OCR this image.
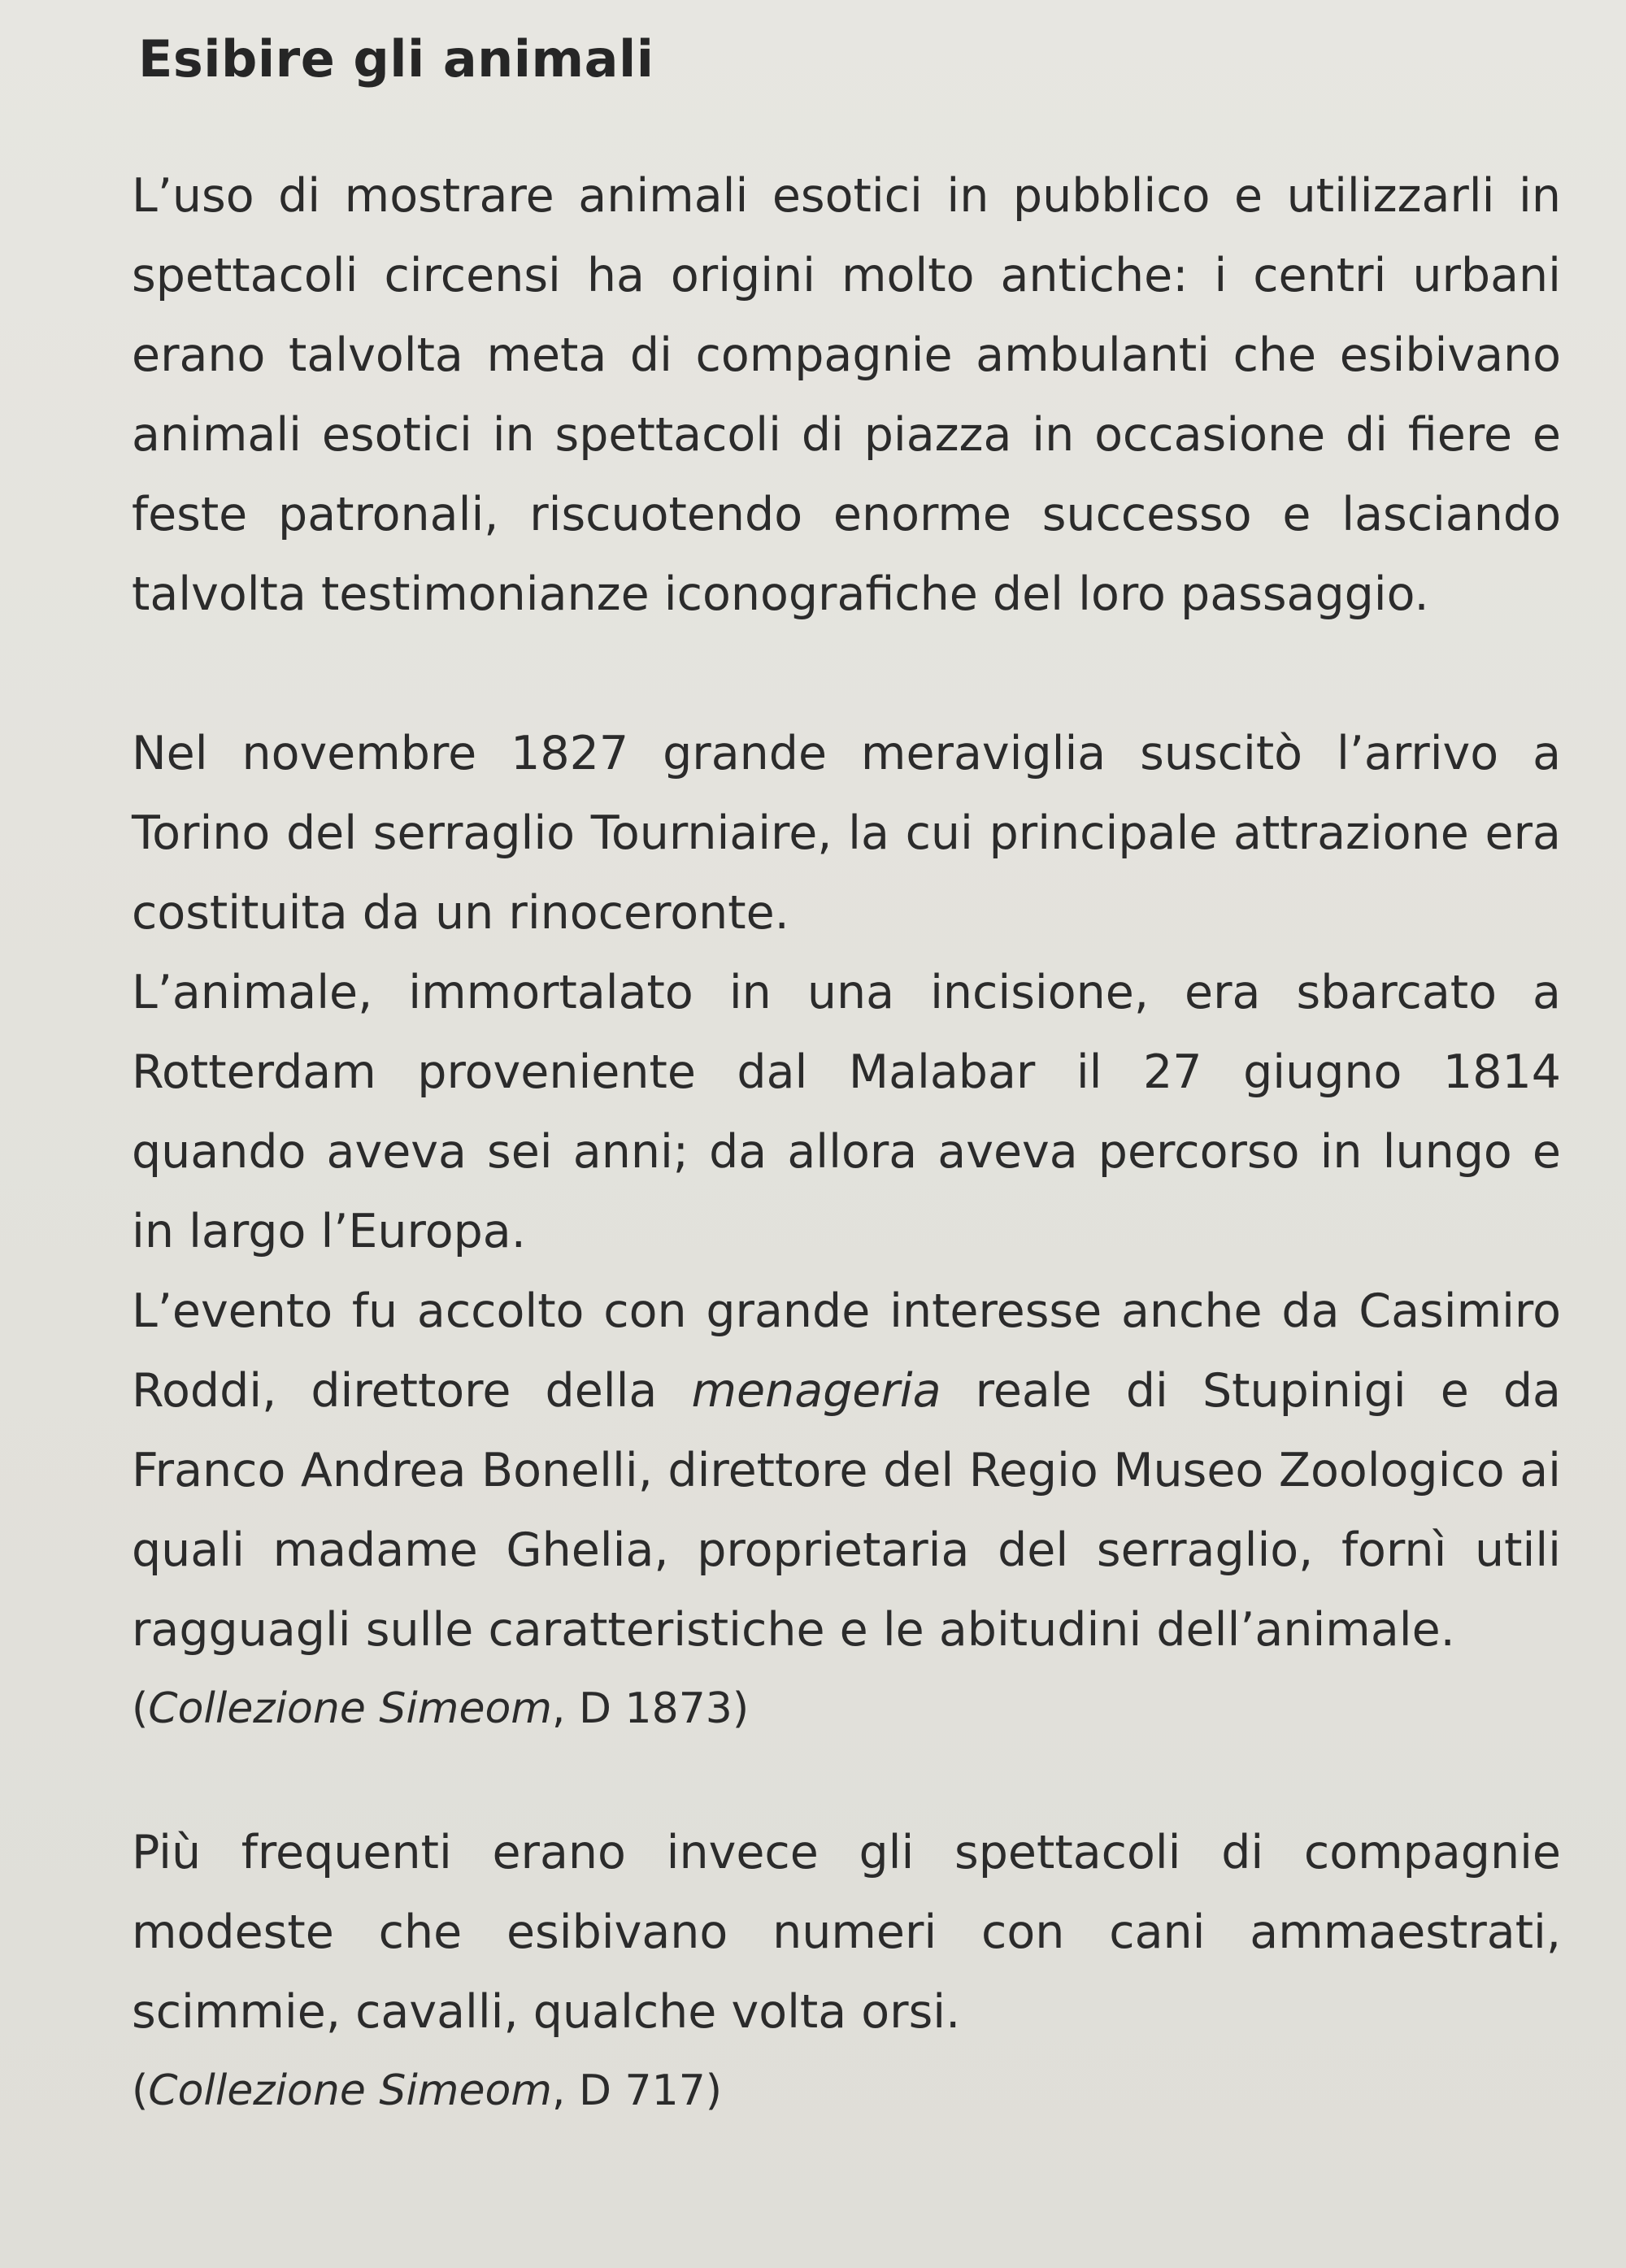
Esibire gli animali

L’uso di mostrare animali esotici in pubblico e utilizzarli in spettacoli circensi ha origini molto antiche: i centri urbani erano talvolta meta di compagnie ambulanti che esibivano animali esotici in spettacoli di piazza in occasione di fiere e feste patronali, riscuotendo enorme successo e lasciando talvolta testimonianze iconografiche del loro passaggio.

Nel novembre 1827 grande meraviglia suscitò l’arrivo a Torino del serraglio Tourniaire, la cui principale attrazione era costituita da un rinoceronte.

L’animale, immortalato in una incisione, era sbarcato a Rotterdam proveniente dal Malabar il 27 giugno 1814 quando aveva sei anni; da allora aveva percorso in lungo e in largo l’Europa.

L’evento fu accolto con grande interesse anche da Casimiro Roddi, direttore della menageria reale di Stupinigi e da Franco Andrea Bonelli, direttore del Regio Museo Zoologico ai quali madame Ghelia, proprietaria del serraglio, fornì utili ragguagli sulle caratteristiche e le abitudini dell’animale.

(Collezione Simeom, D 1873)

Più frequenti erano invece gli spettacoli di compagnie modeste che esibivano numeri con cani ammaestrati, scimmie, cavalli, qualche volta orsi.

(Collezione Simeom, D 717)
